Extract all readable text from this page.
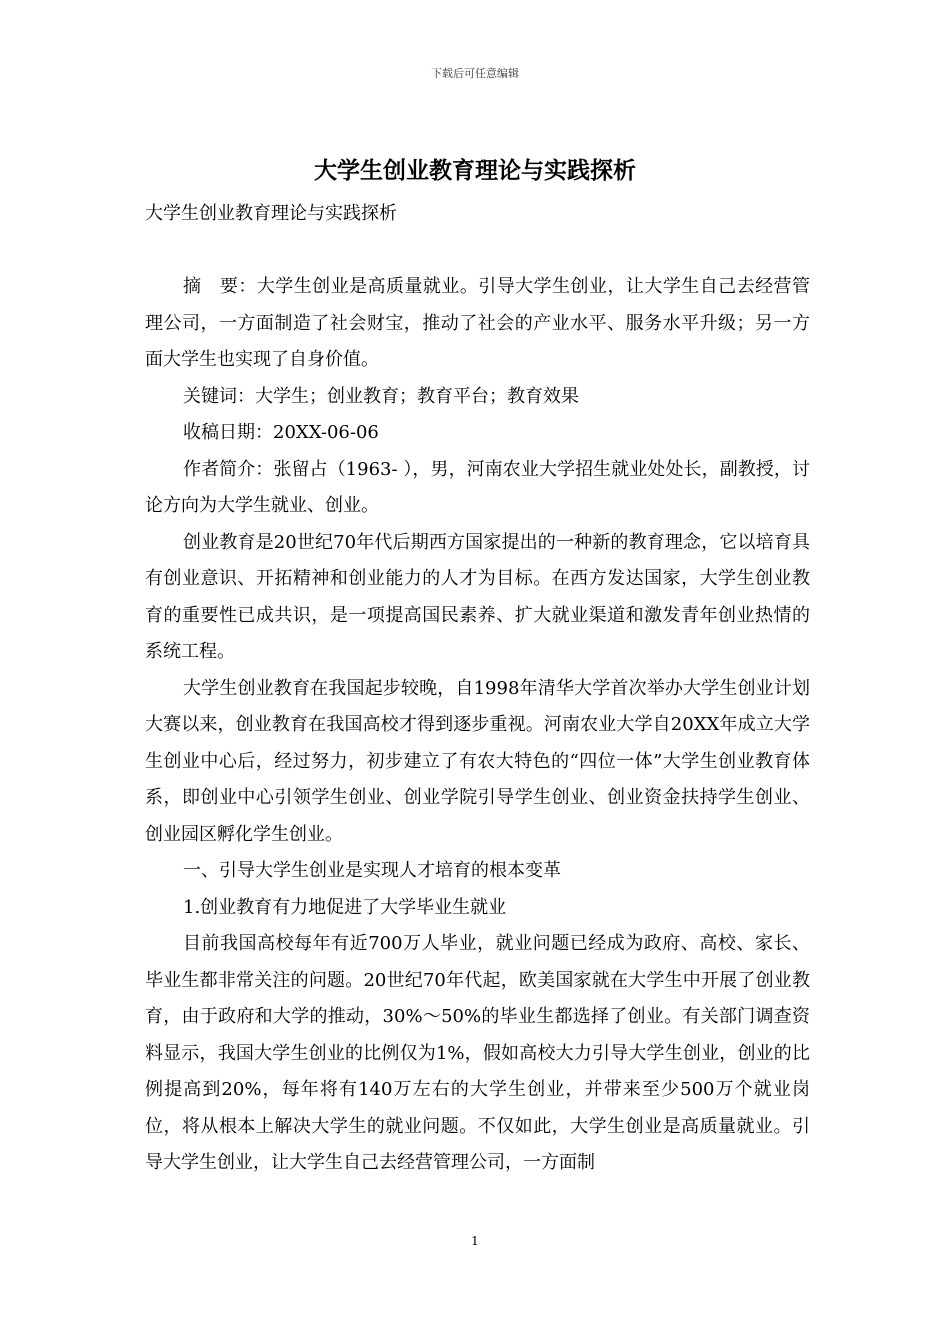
下载后可任意编辑
大学生创业教育理论与实践探析

大学生创业教育理论与实践探析

摘　要：大学生创业是高质量就业。引导大学生创业，让大学生自己去经营管理公司，一方面制造了社会财宝，推动了社会的产业水平、服务水平升级；另一方面大学生也实现了自身价值。

关键词：大学生；创业教育；教育平台；教育效果

收稿日期：20XX-06-06

作者简介：张留占（1963- ），男，河南农业大学招生就业处处长，副教授，讨论方向为大学生就业、创业。

创业教育是20世纪70年代后期西方国家提出的一种新的教育理念，它以培育具有创业意识、开拓精神和创业能力的人才为目标。在西方发达国家，大学生创业教育的重要性已成共识，是一项提高国民素养、扩大就业渠道和激发青年创业热情的系统工程。

大学生创业教育在我国起步较晚，自1998年清华大学首次举办大学生创业计划大赛以来，创业教育在我国高校才得到逐步重视。河南农业大学自20XX年成立大学生创业中心后，经过努力，初步建立了有农大特色的“四位一体”大学生创业教育体系，即创业中心引领学生创业、创业学院引导学生创业、创业资金扶持学生创业、创业园区孵化学生创业。

一、引导大学生创业是实现人才培育的根本变革

1.创业教育有力地促进了大学毕业生就业

目前我国高校每年有近700万人毕业，就业问题已经成为政府、高校、家长、毕业生都非常关注的问题。20世纪70年代起，欧美国家就在大学生中开展了创业教育，由于政府和大学的推动，30%～50%的毕业生都选择了创业。有关部门调查资料显示，我国大学生创业的比例仅为1%，假如高校大力引导大学生创业，创业的比例提高到20%，每年将有140万左右的大学生创业，并带来至少500万个就业岗位，将从根本上解决大学生的就业问题。不仅如此，大学生创业是高质量就业。引导大学生创业，让大学生自己去经营管理公司，一方面制

1
